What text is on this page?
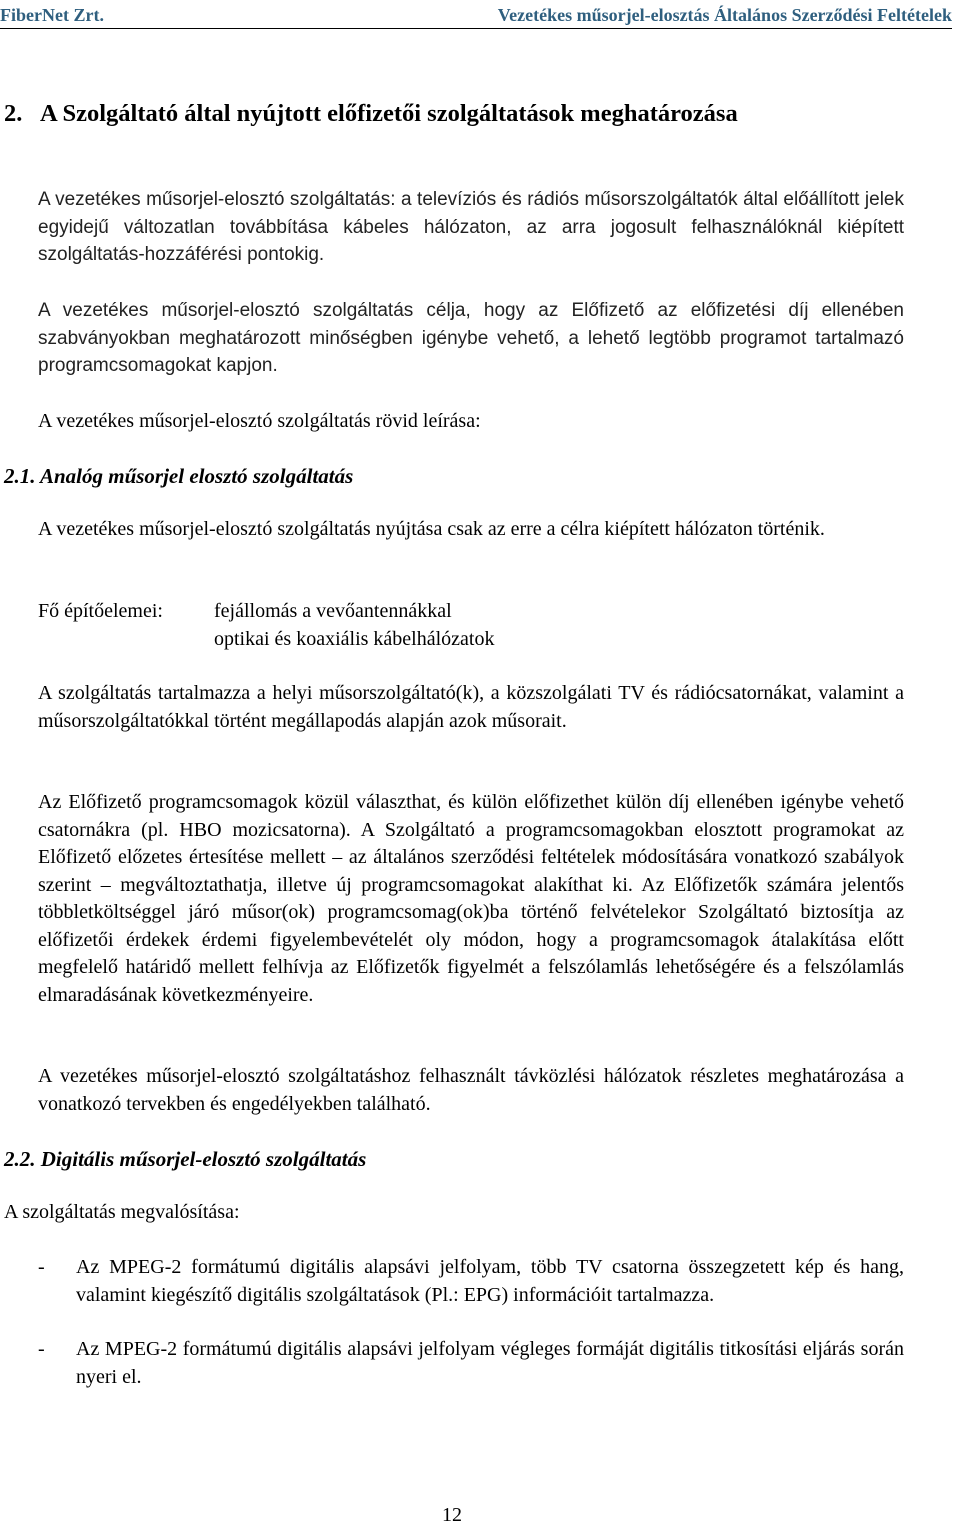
FiberNet Zrt.	Vezetékes műsorjel-elosztás Általános Szerződési Feltételek
2. A Szolgáltató által nyújtott előfizetői szolgáltatások meghatározása
A vezetékes műsorjel-elosztó szolgáltatás: a televíziós és rádiós műsorszolgáltatók által előállított jelek egyidejű változatlan továbbítása kábeles hálózaton, az arra jogosult felhasználóknál kiépített szolgáltatás-hozzáférési pontokig.
A vezetékes műsorjel-elosztó szolgáltatás célja, hogy az Előfizető az előfizetési díj ellenében szabványokban meghatározott minőségben igénybe vehető, a lehető legtöbb programot tartalmazó programcsomagokat kapjon.
A vezetékes műsorjel-elosztó szolgáltatás rövid leírása:
2.1. Analóg műsorjel elosztó szolgáltatás
A vezetékes műsorjel-elosztó szolgáltatás nyújtása csak az erre a célra kiépített hálózaton történik.
Fő építőelemei:	fejállomás a vevőantennákkal
optikai és koaxiális kábelhálózatok
A szolgáltatás tartalmazza a helyi műsorszolgáltató(k), a közszolgálati TV és rádiócsatornákat, valamint a műsorszolgáltatókkal történt megállapodás alapján azok műsorait.
Az Előfizető programcsomagok közül választhat, és külön előfizethet külön díj ellenében igénybe vehető csatornákra (pl. HBO mozicsatorna). A Szolgáltató a programcsomagokban elosztott programokat az Előfizető előzetes értesítése mellett – az általános szerződési feltételek módosítására vonatkozó szabályok szerint – megváltoztathatja, illetve új programcsomagokat alakíthat ki. Az Előfizetők számára jelentős többletköltséggel járó műsor(ok) programcsomag(ok)ba történő felvételekor Szolgáltató biztosítja az előfizetői érdekek érdemi figyelembevételét oly módon, hogy a programcsomagok átalakítása előtt megfelelő határidő mellett felhívja az Előfizetők figyelmét a felszólamlás lehetőségére és a felszólamlás elmaradásának következményeire.
A vezetékes műsorjel-elosztó szolgáltatáshoz felhasznált távközlési hálózatok részletes meghatározása a vonatkozó tervekben és engedélyekben található.
2.2. Digitális műsorjel-elosztó szolgáltatás
A szolgáltatás megvalósítása:
- Az MPEG-2 formátumú digitális alapsávi jelfolyam, több TV csatorna összegzetett kép és hang, valamint kiegészítő digitális szolgáltatások (Pl.: EPG) információit tartalmazza.
- Az MPEG-2 formátumú digitális alapsávi jelfolyam végleges formáját digitális titkosítási eljárás során nyeri el.
12
